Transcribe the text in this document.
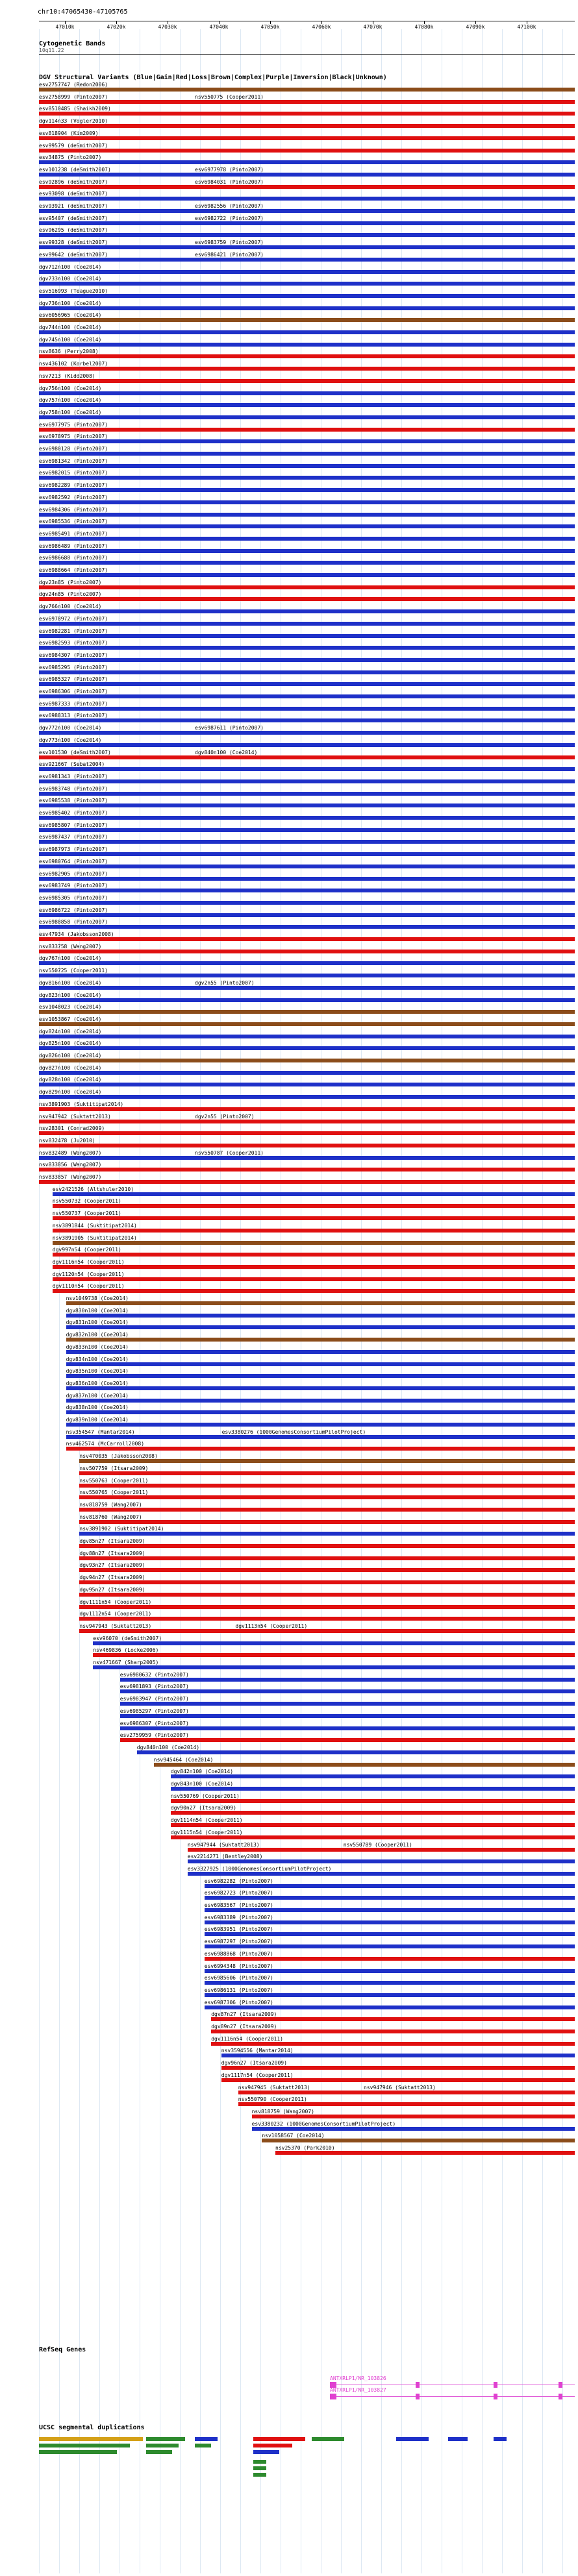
chr10:47065430-47105765
47010k	47020k	47030k	47040k	47050k	47060k	47070k	47080k	47090k	47100k
Cytogenetic Bands
10q11.22
DGV Structural Variants (Blue|Gain|Red|Loss|Brown|Complex|Purple|Inversion|Black|Unknown)
esv2757747 (Redon2006)
esv2758999 (Pinto2007)	nsv550775 (Cooper2011)
esv8510485 (Shaikh2009)
dgv114n33 (Vogler2010)
esv818904 (Kim2009)
esv99579 (deSmith2007)
esv34875 (Pinto2007)
esv101238 (deSmith2007)	esv6977978 (Pinto2007)
esv92896 (deSmith2007)	esv6984031 (Pinto2007)
esv93098 (deSmith2007)
esv93921 (deSmith2007)	esv6982556 (Pinto2007)
esv95407 (deSmith2007)	esv6982722 (Pinto2007)
esv96295 (deSmith2007)
esv99328 (deSmith2007)	esv6983759 (Pinto2007)
esv99642 (deSmith2007)	esv6986421 (Pinto2007)
dgv712n100 (Coe2014)
dgv733n100 (Coe2014)
esv516993 (Teague2010)
dgv736n100 (Coe2014)
esv6056965 (Coe2014)
dgv744n100 (Coe2014)
dgv745n100 (Coe2014)
nsv8636 (Perry2008)
nsv436102 (Korbel2007)
nsv7213 (Kidd2008)
dgv756n100 (Coe2014)
dgv757n100 (Coe2014)
dgv758n100 (Coe2014)
esv6977975 (Pinto2007)
esv6978975 (Pinto2007)
esv6980128 (Pinto2007)
esv6981342 (Pinto2007)
esv6982015 (Pinto2007)
esv6982289 (Pinto2007)
esv6982592 (Pinto2007)
esv6984306 (Pinto2007)
esv6985536 (Pinto2007)
esv6985491 (Pinto2007)
esv6986489 (Pinto2007)
esv6986688 (Pinto2007)
esv6988664 (Pinto2007)
dgv23n85 (Pinto2007)
dgv24n85 (Pinto2007)
dgv766n100 (Coe2014)
esv6978972 (Pinto2007)
esv6982281 (Pinto2007)
esv6982593 (Pinto2007)
esv6984307 (Pinto2007)
esv6985295 (Pinto2007)
esv6985327 (Pinto2007)
esv6986306 (Pinto2007)
esv6987333 (Pinto2007)
esv6988313 (Pinto2007)
dgv772n100 (Coe2014)	esv6987611 (Pinto2007)
dgv773n100 (Coe2014)
esv101530 (deSmith2007)	dgv840n100 (Coe2014)
esv921667 (Sebat2004)
esv6981343 (Pinto2007)
esv6983748 (Pinto2007)
esv6985538 (Pinto2007)
esv6985402 (Pinto2007)
esv6985807 (Pinto2007)
esv6987437 (Pinto2007)
esv6987973 (Pinto2007)
esv6980764 (Pinto2007)
esv6982905 (Pinto2007)
esv6983749 (Pinto2007)
esv6985305 (Pinto2007)
esv6986722 (Pinto2007)
esv6988858 (Pinto2007)
esv47934 (Jakobsson2008)
nsv833758 (Wang2007)
dgv767n100 (Coe2014)
nsv550725 (Cooper2011)
dgv816n100 (Coe2014)	dgv2n55 (Pinto2007)
dgv823n100 (Coe2014)
esv1048023 (Coe2014)
esv1053867 (Coe2014)
dgv824n100 (Coe2014)
dgv825n100 (Coe2014)
dgv826n100 (Coe2014)
dgv827n100 (Coe2014)
dgv828n100 (Coe2014)
dgv829n100 (Coe2014)
nsv3891903 (Suktitipat2014)
nsv947942 (Suktatt2013)	dgv2n55 (Pinto2007)
nsv28301 (Conrad2009)
nsv832478 (Ju2010)
nsv832489 (Wang2007)	nsv550787 (Cooper2011)
nsv833856 (Wang2007)
nsv833857 (Wang2007)
esv2421526 (Altshuler2010)
nsv550732 (Cooper2011)
nsv550737 (Cooper2011)
nsv3891844 (Suktitipat2014)
nsv3891905 (Suktitipat2014)
dgv997n54 (Cooper2011)
dgv1116n54 (Cooper2011)
dgv1120n54 (Cooper2011)
dgv1110n54 (Cooper2011)
nsv1049738 (Coe2014)
dgv830n100 (Coe2014)
dgv831n100 (Coe2014)
dgv832n100 (Coe2014)
dgv833n100 (Coe2014)
dgv834n100 (Coe2014)
dgv835n100 (Coe2014)
dgv836n100 (Coe2014)
dgv837n100 (Coe2014)
dgv838n100 (Coe2014)
dgv839n100 (Coe2014)
nsv354547 (Mantar2014)	esv3380276 (1000GenomesConsortiumPilotProject)
nsv462574 (McCarroll2008)
nsv470035 (Jakobsson2008)
nsv507759 (Itsara2009)
nsv550763 (Cooper2011)
nsv550765 (Cooper2011)
nsv818759 (Wang2007)
nsv818760 (Wang2007)
nsv3891902 (Suktitipat2014)
dgv85n27 (Itsara2009)
dgv88n27 (Itsara2009)
dgv93n27 (Itsara2009)
dgv94n27 (Itsara2009)
dgv95n27 (Itsara2009)
dgv1111n54 (Cooper2011)
dgv1112n54 (Cooper2011)
nsv947943 (Suktatt2013)	dgv1113n54 (Cooper2011)
esv96070 (deSmith2007)
nsv469836 (Locke2006)
nsv471667 (Sharp2005)
esv6980632 (Pinto2007)
esv6981893 (Pinto2007)
esv6983947 (Pinto2007)
esv6985297 (Pinto2007)
esv6986307 (Pinto2007)
esv2759959 (Pinto2007)
dgv840n100 (Coe2014)
nsv945464 (Coe2014)
dgv842n100 (Coe2014)
dgv843n100 (Coe2014)
nsv550769 (Cooper2011)
dgv90n27 (Itsara2009)
dgv1114n54 (Cooper2011)
dgv1115n54 (Cooper2011)
nsv947944 (Suktatt2013)	nsv550789 (Cooper2011)
esv2214271 (Bentley2008)
esv3327925 (1000GenomesConsortiumPilotProject)
esv6982282 (Pinto2007)
esv6982723 (Pinto2007)
esv6983567 (Pinto2007)
esv6983389 (Pinto2007)
esv6983951 (Pinto2007)
esv6987297 (Pinto2007)
esv6988868 (Pinto2007)
esv6994348 (Pinto2007)
esv6985606 (Pinto2007)
esv6986131 (Pinto2007)
esv6987306 (Pinto2007)
dgv87n27 (Itsara2009)
dgv89n27 (Itsara2009)
dgv1116n54 (Cooper2011)
nsv3594556 (Mantar2014)
dgv96n27 (Itsara2009)
dgv1117n54 (Cooper2011)
nsv947945 (Suktatt2013)	nsv947946 (Suktatt2013)
nsv550790 (Cooper2011)
nsv818759 (Wang2007)
esv3380232 (1000GenomesConsortiumPilotProject)
nsv1058567 (Coe2014)
nsv25370 (Park2010)
RefSeq Genes
ANTXRLP1/NR_103826
ANTXRLP1/NR_103827
UCSC segmental duplications
